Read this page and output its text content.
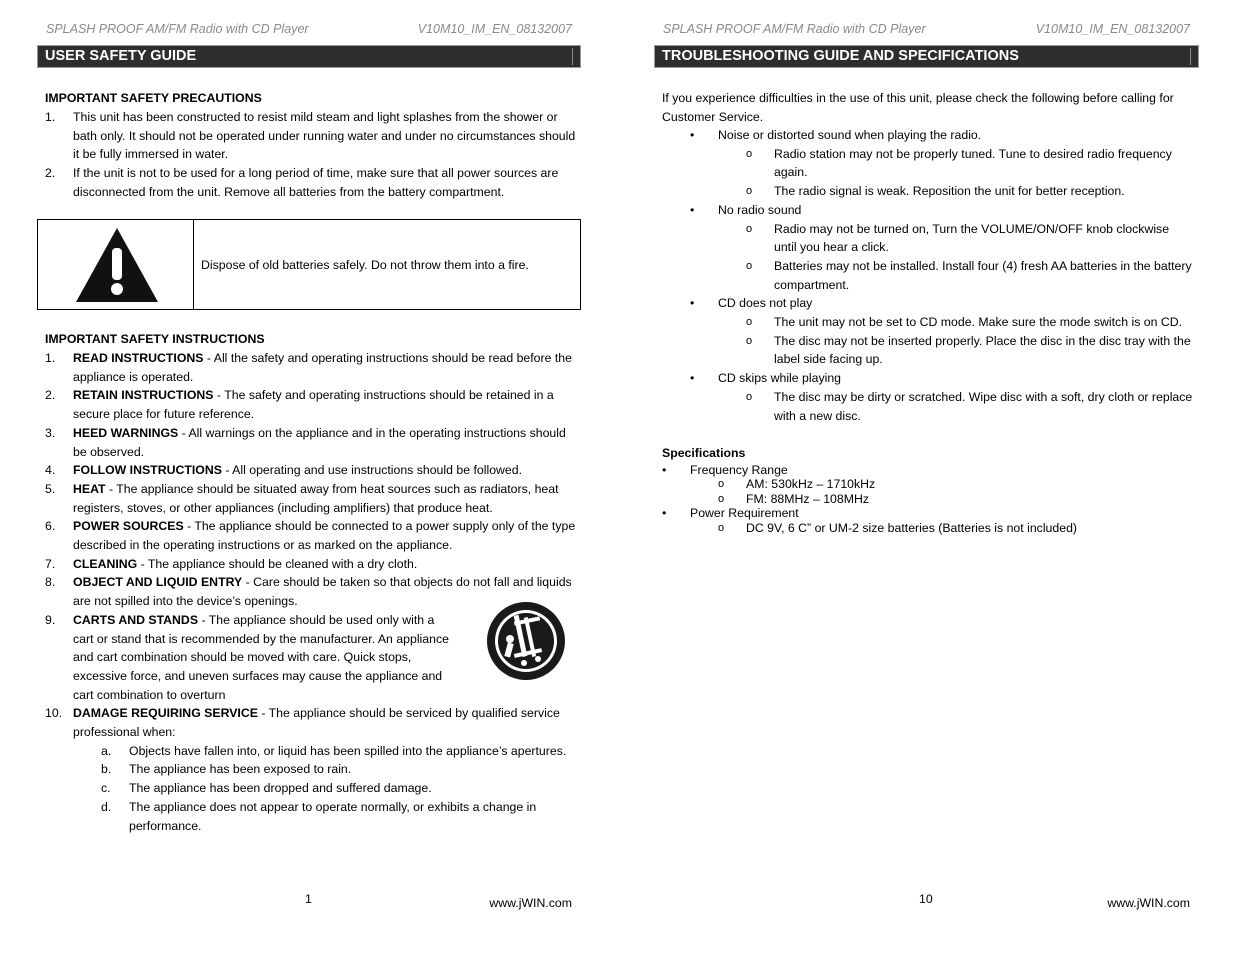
SPLASH PROOF AM/FM Radio with CD Player	V10M10_IM_EN_08132007
USER SAFETY GUIDE
IMPORTANT SAFETY PRECAUTIONS
1. This unit has been constructed to resist mild steam and light splashes from the shower or bath only. It should not be operated under running water and under no circumstances should it be fully immersed in water.
2. If the unit is not to be used for a long period of time, make sure that all power sources are disconnected from the unit. Remove all batteries from the battery compartment.
Dispose of old batteries safely. Do not throw them into a fire.
IMPORTANT SAFETY INSTRUCTIONS
1. READ INSTRUCTIONS - All the safety and operating instructions should be read before the appliance is operated.
2. RETAIN INSTRUCTIONS - The safety and operating instructions should be retained in a secure place for future reference.
3. HEED WARNINGS - All warnings on the appliance and in the operating instructions should be observed.
4. FOLLOW INSTRUCTIONS - All operating and use instructions should be followed.
5. HEAT - The appliance should be situated away from heat sources such as radiators, heat registers, stoves, or other appliances (including amplifiers) that produce heat.
6. POWER SOURCES - The appliance should be connected to a power supply only of the type described in the operating instructions or as marked on the appliance.
7. CLEANING - The appliance should be cleaned with a dry cloth.
8. OBJECT AND LIQUID ENTRY - Care should be taken so that objects do not fall and liquids are not spilled into the device’s openings.
9. CARTS AND STANDS - The appliance should be used only with a cart or stand that is recommended by the manufacturer. An appliance and cart combination should be moved with care. Quick stops, excessive force, and uneven surfaces may cause the appliance and cart combination to overturn
10. DAMAGE REQUIRING SERVICE - The appliance should be serviced by qualified service professional when:
a.	Objects have fallen into, or liquid has been spilled into the appliance’s apertures.
b.	The appliance has been exposed to rain.
c.	The appliance has been dropped and suffered damage.
d.	The appliance does not appear to operate normally, or exhibits a change in performance.
1	www.jWIN.com
SPLASH PROOF AM/FM Radio with CD Player	V10M10_IM_EN_08132007
TROUBLESHOOTING GUIDE AND SPECIFICATIONS
If you experience difficulties in the use of this unit, please check the following before calling for Customer Service.
• Noise or distorted sound when playing the radio.
o Radio station may not be properly tuned. Tune to desired radio frequency again.
o The radio signal is weak. Reposition the unit for better reception.
• No radio sound
o Radio may not be turned on, Turn the VOLUME/ON/OFF knob clockwise until you hear a click.
o Batteries may not be installed. Install four (4) fresh AA batteries in the battery compartment.
• CD does not play
o The unit may not be set to CD mode. Make sure the mode switch is on CD.
o The disc may not be inserted properly. Place the disc in the disc tray with the label side facing up.
• CD skips while playing
o The disc may be dirty or scratched. Wipe disc with a soft, dry cloth or replace with a new disc.
Specifications
• Frequency Range
o AM: 530kHz – 1710kHz
o FM: 88MHz – 108MHz
• Power Requirement
o DC 9V, 6 C” or UM-2 size batteries (Batteries is not included)
10	www.jWIN.com
